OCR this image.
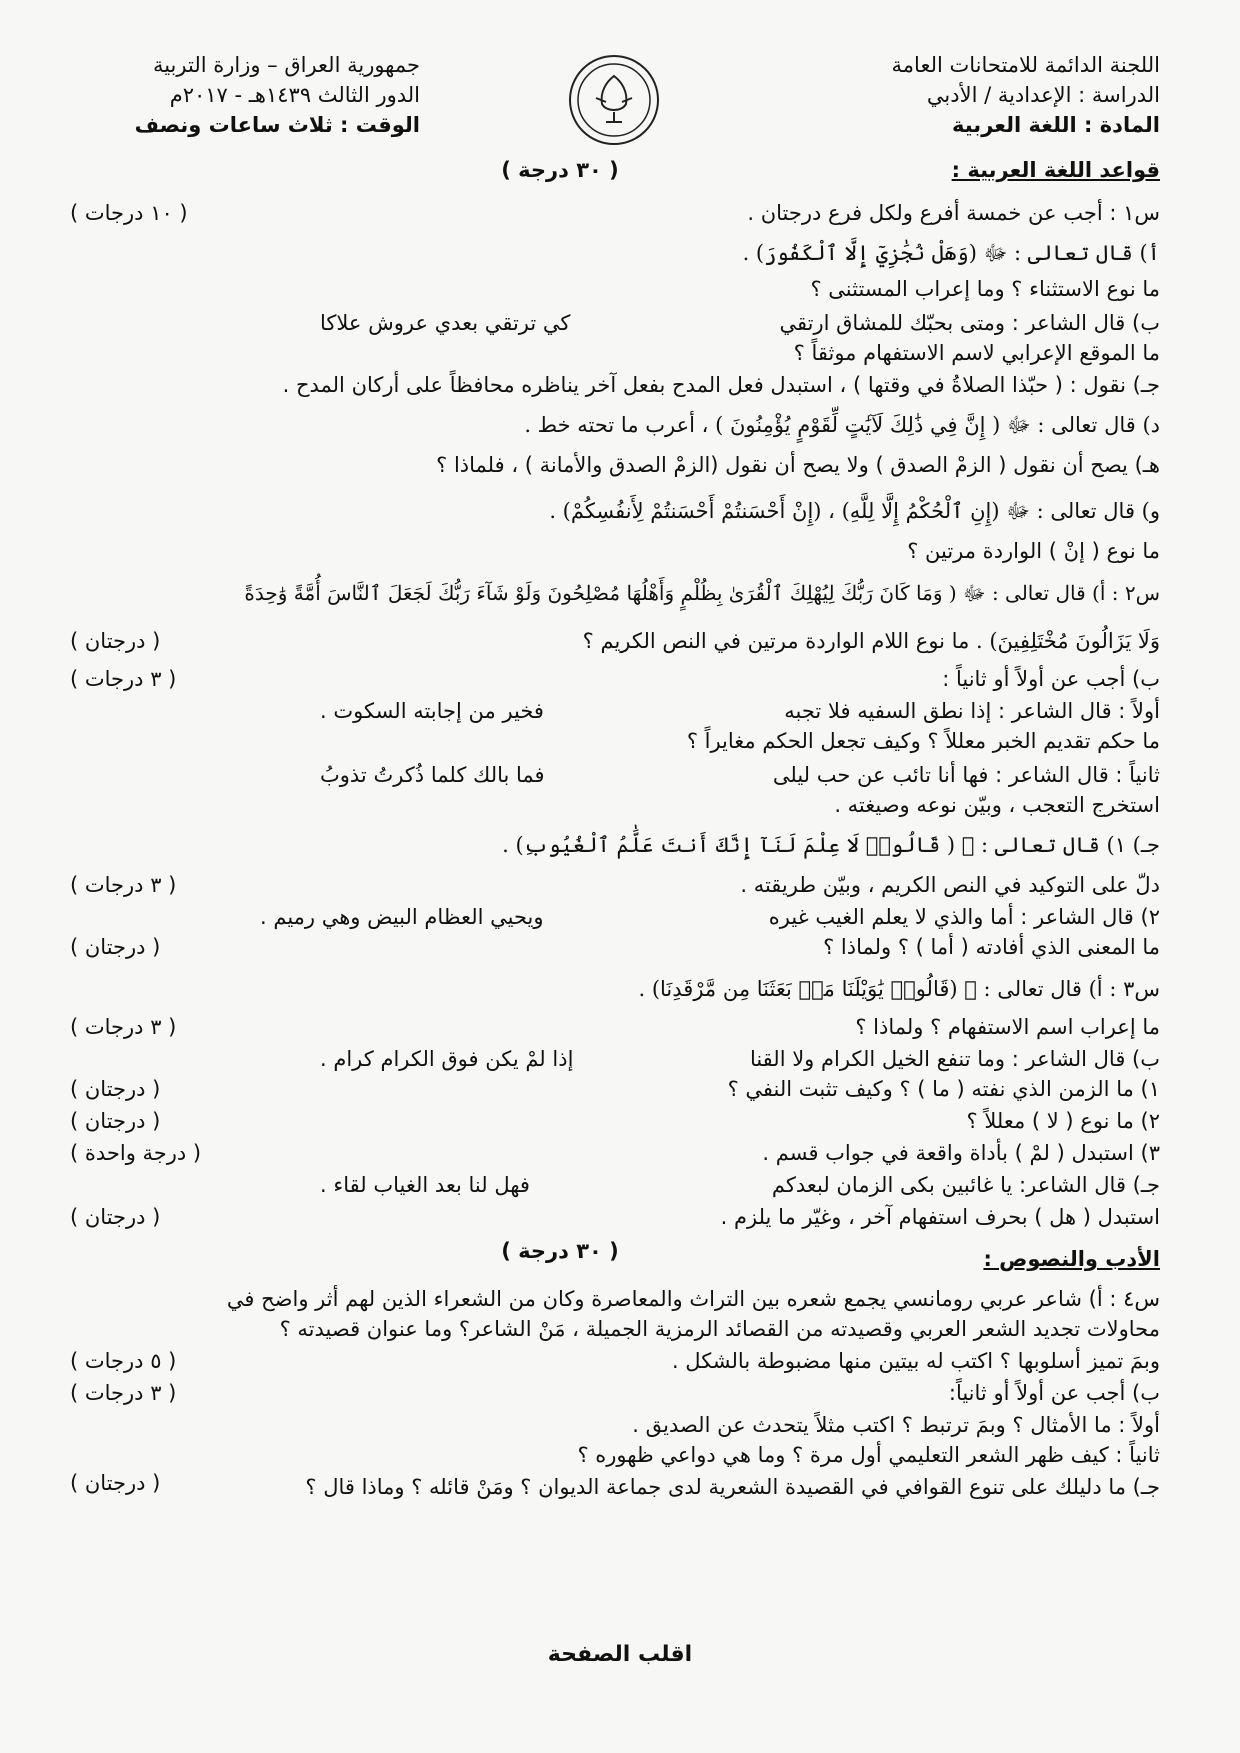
اللجنة الدائمة للامتحانات العامة
الدراسة : الإعدادية / الأدبي
المادة : اللغة العربية
جمهورية العراق – وزارة التربية
الدور الثالث ١٤٣٩هـ - ٢٠١٧م
الوقت : ثلاث ساعات ونصف
قواعد اللغة العربية :
( ٣٠ درجة )
س١ : أجب عن خمسة أفرع ولكل فرع درجتان .
( ١٠ درجات )
أ) قال تعالى : ﷻ (وَهَلْ نُجَٰزِيٓ إِلَّا ٱلْكَفُورَ) .
ما نوع الاستثناء ؟ وما إعراب المستثنى ؟
ب) قال الشاعر : ومتى بحبّك للمشاق ارتقي
كي ترتقي بعدي عروش علاكا
ما الموقع الإعرابي لاسم الاستفهام موثقاً ؟
جـ) نقول : ( حبّذا الصلاةُ في وقتها ) ، استبدل فعل المدح بفعل آخر يناظره محافظاً على أركان المدح .
د) قال تعالى : ﷻ ( إِنَّ فِي ذَٰلِكَ لَآيَٰتٍ لِّقَوْمٍ يُؤْمِنُونَ ) ، أعرب ما تحته خط .
هـ) يصح أن نقول ( الزمْ الصدق ) ولا يصح أن نقول (الزمْ الصدق والأمانة ) ، فلماذا ؟
و) قال تعالى : ﷻ (إِنِ ٱلْحُكْمُ إِلَّا لِلَّهِ) ، (إِنْ أَحْسَنتُمْ أَحْسَنتُمْ لِأَنفُسِكُمْ) .
ما نوع ( إنْ ) الواردة مرتين ؟
س٢ : أ) قال تعالى : ﷻ ( وَمَا كَانَ رَبُّكَ لِيُهْلِكَ ٱلْقُرَىٰ بِظُلْمٍ وَأَهْلُهَا مُصْلِحُونَ وَلَوْ شَآءَ رَبُّكَ لَجَعَلَ ٱلنَّاسَ أُمَّةً وَٰحِدَةً
وَلَا يَزَالُونَ مُخْتَلِفِينَ) . ما نوع اللام الواردة مرتين في النص الكريم ؟
( درجتان )
ب) أجب عن أولاً أو ثانياً :
( ٣ درجات )
أولاً : قال الشاعر : إذا نطق السفيه فلا تجبه
فخير من إجابته السكوت .
ما حكم تقديم الخبر معللاً ؟ وكيف تجعل الحكم مغايراً ؟
ثانياً : قال الشاعر : فها أنا تائب عن حب ليلى
فما بالك كلما ذُكرتُ تذوبُ
استخرج التعجب ، وبيّن نوعه وصيغته .
جـ) ١) قال تعالى : ﷻ ( قَالُوا۟ لَا عِلْمَ لَنَآ إِنَّكَ أَنتَ عَلَّٰمُ ٱلْغُيُوبِ) .
دلّ على التوكيد في النص الكريم ، وبيّن طريقته .
( ٣ درجات )
٢) قال الشاعر : أما والذي لا يعلم الغيب غيره
ويحيي العظام البيض وهي رميم .
ما المعنى الذي أفادته ( أما ) ؟ ولماذا ؟
( درجتان )
س٣ : أ) قال تعالى : ﷻ (قَالُوا۟ يَٰوَيْلَنَا مَنۢ بَعَثَنَا مِن مَّرْقَدِنَا) .
ما إعراب اسم الاستفهام ؟ ولماذا ؟
( ٣ درجات )
ب) قال الشاعر : وما تنفع الخيل الكرام ولا القنا
إذا لمْ يكن فوق الكرام كرام .
١) ما الزمن الذي نفته ( ما ) ؟ وكيف تثبت النفي ؟
( درجتان )
٢) ما نوع ( لا ) معللاً ؟
( درجتان )
٣) استبدل ( لمْ ) بأداة واقعة في جواب قسم .
( درجة واحدة )
جـ) قال الشاعر: يا غائبين بكى الزمان لبعدكم
فهل لنا بعد الغياب لقاء .
استبدل ( هل ) بحرف استفهام آخر ، وغيّر ما يلزم .
( درجتان )
الأدب والنصوص :
( ٣٠ درجة )
س٤ : أ) شاعر عربي رومانسي يجمع شعره بين التراث والمعاصرة وكان من الشعراء الذين لهم أثر واضح في
محاولات تجديد الشعر العربي وقصيدته من القصائد الرمزية الجميلة ، مَنْ الشاعر؟ وما عنوان قصيدته ؟
وبمَ تميز أسلوبها ؟ اكتب له بيتين منها مضبوطة بالشكل .
( ٥ درجات )
ب) أجب عن أولاً أو ثانياً:
( ٣ درجات )
أولاً : ما الأمثال ؟ وبمَ ترتبط ؟ اكتب مثلاً يتحدث عن الصديق .
ثانياً : كيف ظهر الشعر التعليمي أول مرة ؟ وما هي دواعي ظهوره ؟
جـ) ما دليلك على تنوع القوافي في القصيدة الشعرية لدى جماعة الديوان ؟ ومَنْ قائله ؟ وماذا قال ؟
( درجتان )
اقلب الصفحة
